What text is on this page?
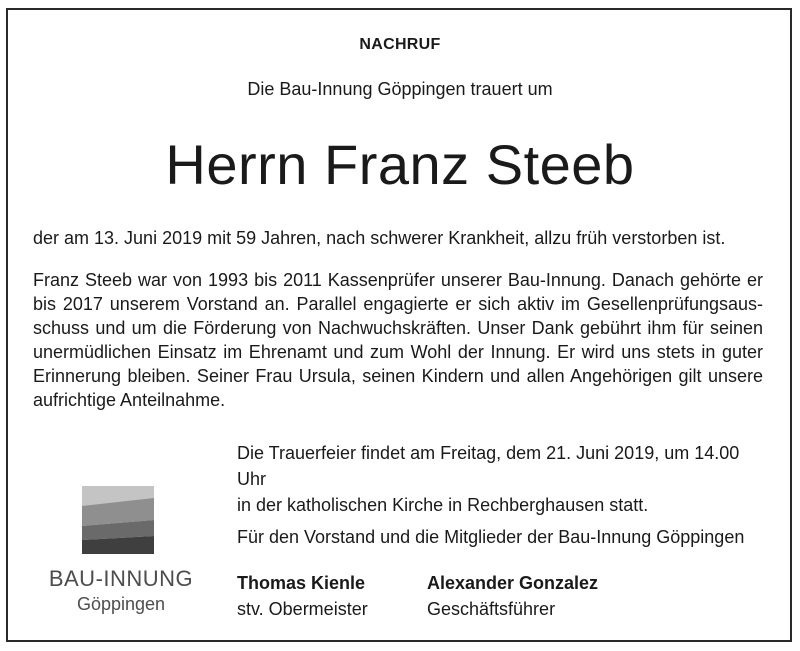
NACHRUF
Die Bau-Innung Göppingen trauert um
Herrn Franz Steeb
der am 13. Juni 2019 mit 59 Jahren, nach schwerer Krankheit, allzu früh verstorben ist.
Franz Steeb war von 1993 bis 2011 Kassenprüfer unserer Bau-Innung. Danach gehörte er bis 2017 unserem Vorstand an. Parallel engagierte er sich aktiv im Gesellenprüfungsaus- schuss und um die Förderung von Nachwuchskräften. Unser Dank gebührt ihm für seinen unermüdlichen Einsatz im Ehrenamt und zum Wohl der Innung. Er wird uns stets in guter Erinnerung bleiben. Seiner Frau Ursula, seinen Kindern und allen Angehörigen gilt unsere aufrichtige Anteilnahme.
Die Trauerfeier findet am Freitag, dem 21. Juni 2019, um 14.00 Uhr
in der katholischen Kirche in Rechberghausen statt.
Für den Vorstand und die Mitglieder der Bau-Innung Göppingen
Thomas Kienle
stv. Obermeister
Alexander Gonzalez
Geschäftsführer
BAU-INNUNG
Göppingen
